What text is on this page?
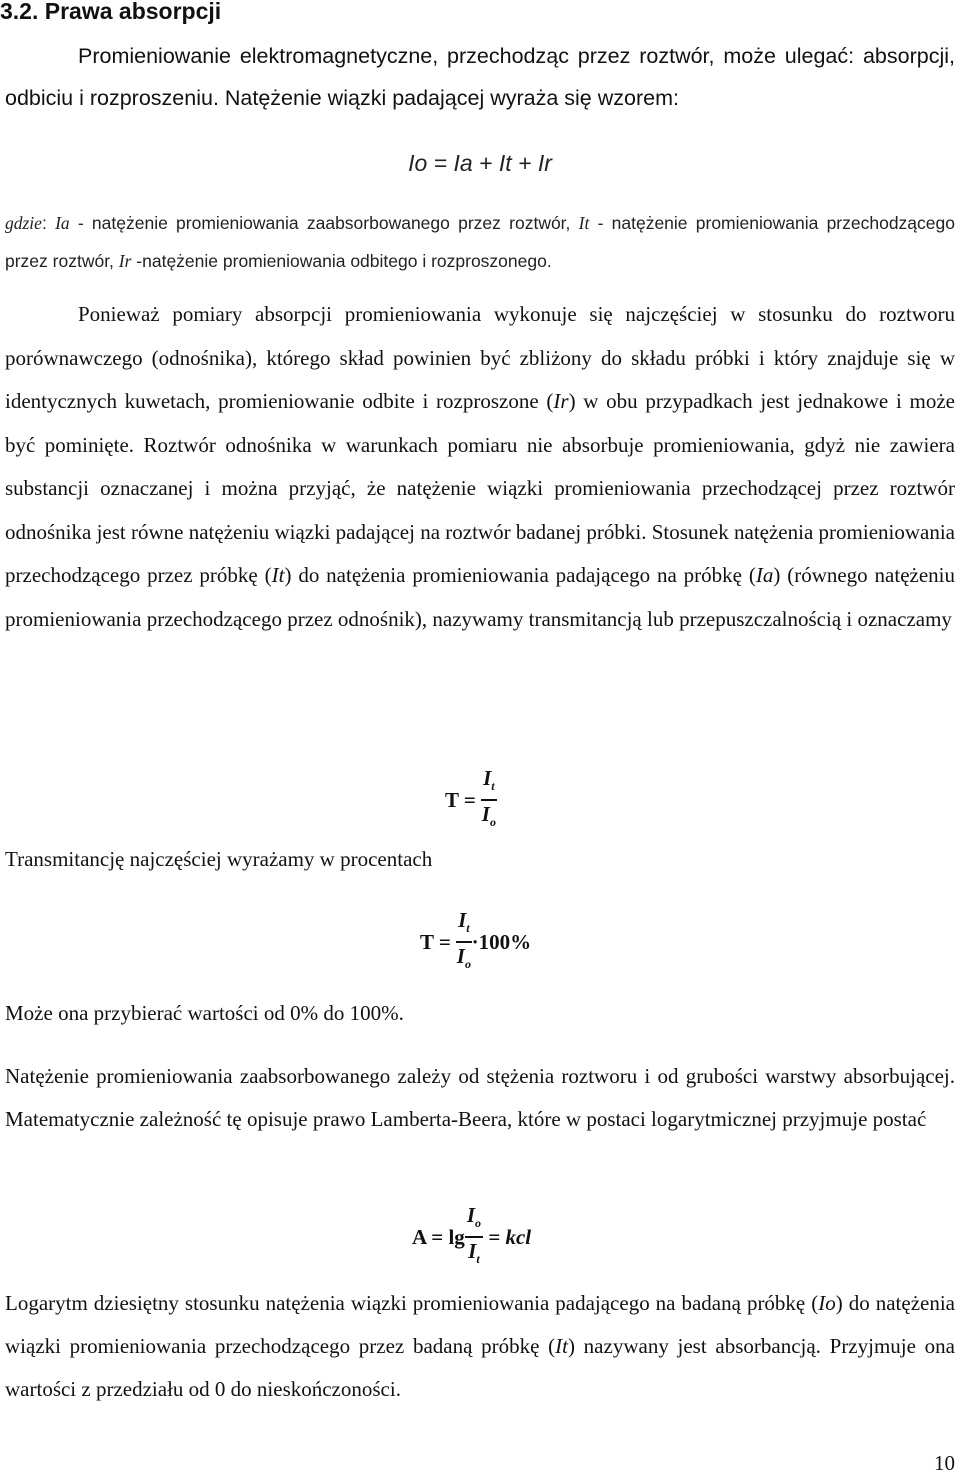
3.2. Prawa absorpcji
Promieniowanie elektromagnetyczne, przechodząc przez roztwór, może ulegać: absorpcji, odbiciu i rozproszeniu. Natężenie wiązki padającej wyraża się wzorem:
Io = Ia + It + Ir
gdzie: Ia - natężenie promieniowania zaabsorbowanego przez roztwór, It - natężenie promieniowania przechodzącego przez roztwór, Ir -natężenie promieniowania odbitego i rozproszonego.
Ponieważ pomiary absorpcji promieniowania wykonuje się najczęściej w stosunku do roztworu porównawczego (odnośnika), którego skład powinien być zbliżony do składu próbki i który znajduje się w identycznych kuwetach, promieniowanie odbite i rozproszone (Ir) w obu przypadkach jest jednakowe i może być pominięte. Roztwór odnośnika w warunkach pomiaru nie absorbuje promieniowania, gdyż nie zawiera substancji oznaczanej i można przyjąć, że natężenie wiązki promieniowania przechodzącej przez roztwór odnośnika jest równe natężeniu wiązki padającej na roztwór badanej próbki. Stosunek natężenia promieniowania przechodzącego przez próbkę (It) do natężenia promieniowania padającego na próbkę (Ia) (równego natężeniu promieniowania przechodzącego przez odnośnik), nazywamy transmitancją lub przepuszczalnością i oznaczamy
T =
$\frac{I_t}{I_o}$
Transmitancję najczęściej wyrażamy w procentach
T =
$\frac{I_t}{I_o} \cdot 100\%$
Może ona przybierać wartości od 0% do 100%.
Natężenie promieniowania zaabsorbowanego zależy od stężenia roztworu i od grubości warstwy absorbującej. Matematycznie zależność tę opisuje prawo Lamberta-Beera, które w postaci logarytmicznej przyjmuje postać
$A = \lg \frac{I_o}{I_t}$
= kcl
Logarytm dziesiętny stosunku natężenia wiązki promieniowania padającego na badaną próbkę (Io) do natężenia wiązki promieniowania przechodzącego przez badaną próbkę (It) nazywany jest absorbancją. Przyjmuje ona wartości z przedziału od 0 do nieskończoności.
10
